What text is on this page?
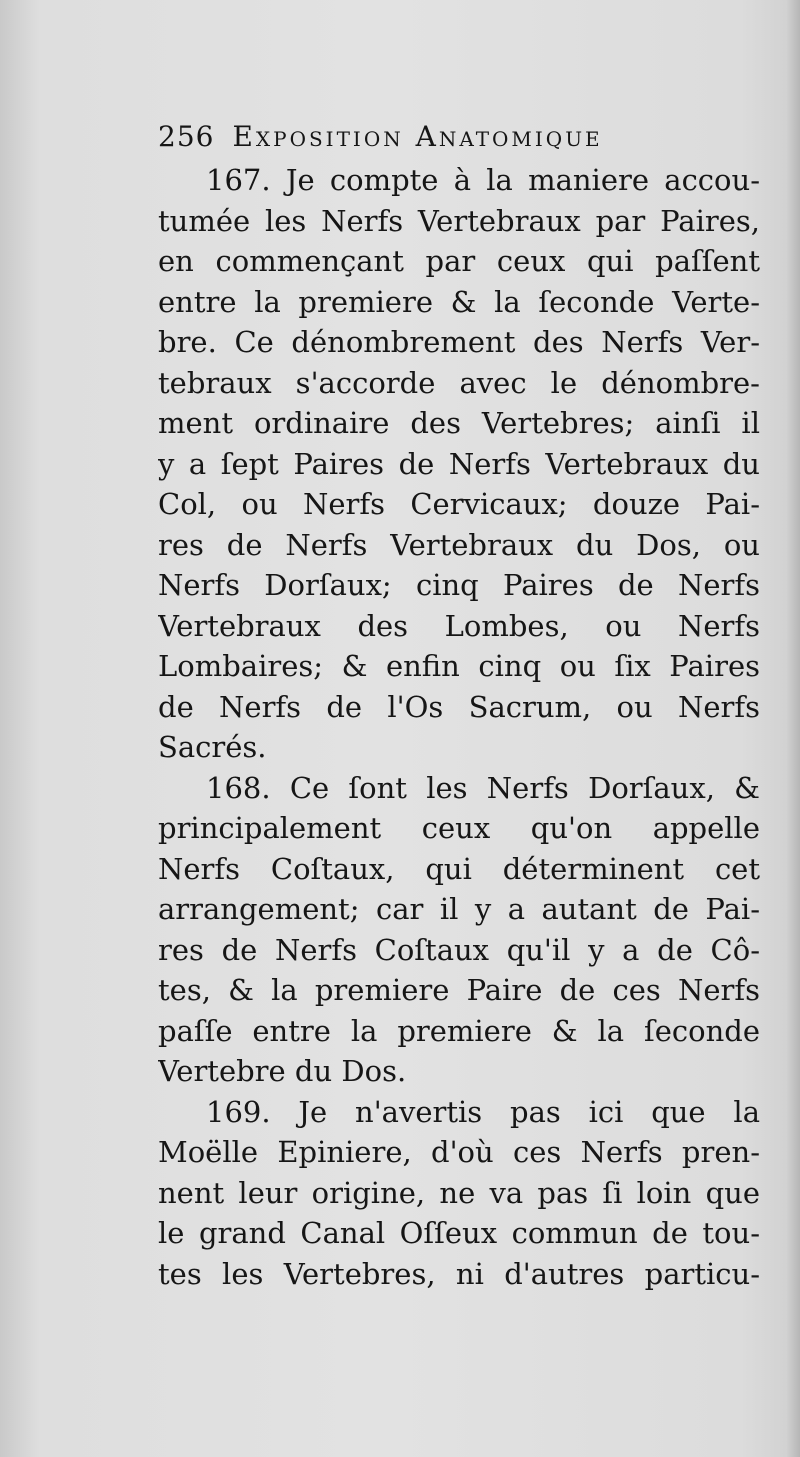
256 Exposition Anatomique
167. Je compte à la maniere accou-
tumée les Nerfs Vertebraux par Paires,
en commençant par ceux qui paſſent
entre la premiere & la ſeconde Verte-
bre. Ce dénombrement des Nerfs Ver-
tebraux s'accorde avec le dénombre-
ment ordinaire des Vertebres; ainſi il
y a ſept Paires de Nerfs Vertebraux du
Col, ou Nerfs Cervicaux; douze Pai-
res de Nerfs Vertebraux du Dos, ou
Nerfs Dorſaux; cinq Paires de Nerfs
Vertebraux des Lombes, ou Nerfs
Lombaires; & enfin cinq ou ſix Paires
de Nerfs de l'Os Sacrum, ou Nerfs
Sacrés.
168. Ce ſont les Nerfs Dorſaux, &
principalement ceux qu'on appelle
Nerfs Coſtaux, qui déterminent cet
arrangement; car il y a autant de Pai-
res de Nerfs Coſtaux qu'il y a de Cô-
tes, & la premiere Paire de ces Nerfs
paſſe entre la premiere & la ſeconde
Vertebre du Dos.
169. Je n'avertis pas ici que la
Moëlle Epiniere, d'où ces Nerfs pren-
nent leur origine, ne va pas ſi loin que
le grand Canal Oſſeux commun de tou-
tes les Vertebres, ni d'autres particu-
